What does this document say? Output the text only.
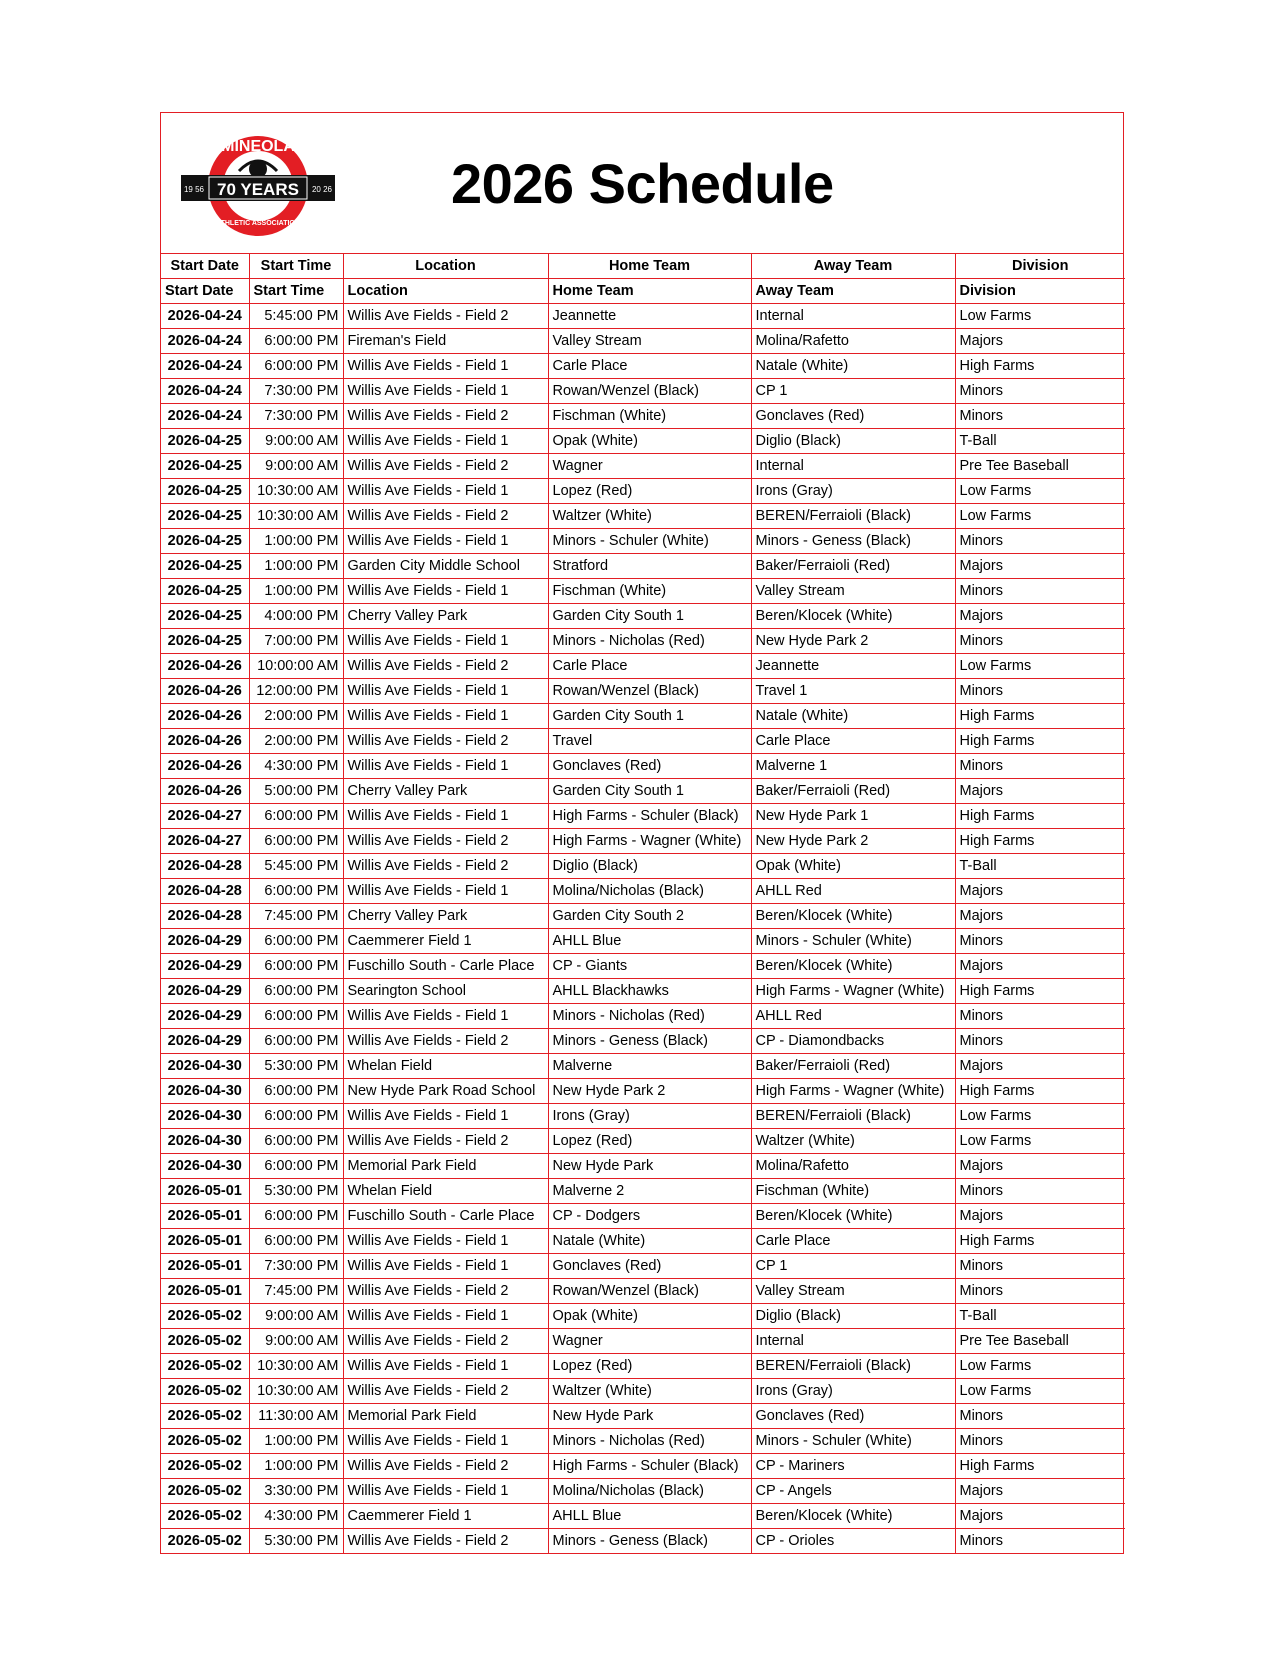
MINEOLA
70 YEARS
19 56	20 26
ATHLETIC ASSOCIATION
2026 Schedule
Start Date	Start Time	Location	Home Team	Away Team	Division
Start Date	Start Time	Location	Home Team	Away Team	Division
2026-04-24	5:45:00 PM	Willis Ave Fields - Field 2	Jeannette	Internal	Low Farms
2026-04-24	6:00:00 PM	Fireman's Field	Valley Stream	Molina/Rafetto	Majors
2026-04-24	6:00:00 PM	Willis Ave Fields - Field 1	Carle Place	Natale (White)	High Farms
2026-04-24	7:30:00 PM	Willis Ave Fields - Field 1	Rowan/Wenzel (Black)	CP 1	Minors
2026-04-24	7:30:00 PM	Willis Ave Fields - Field 2	Fischman (White)	Gonclaves (Red)	Minors
2026-04-25	9:00:00 AM	Willis Ave Fields - Field 1	Opak (White)	Diglio (Black)	T-Ball
2026-04-25	9:00:00 AM	Willis Ave Fields - Field 2	Wagner	Internal	Pre Tee Baseball
2026-04-25	10:30:00 AM	Willis Ave Fields - Field 1	Lopez (Red)	Irons (Gray)	Low Farms
2026-04-25	10:30:00 AM	Willis Ave Fields - Field 2	Waltzer (White)	BEREN/Ferraioli (Black)	Low Farms
2026-04-25	1:00:00 PM	Willis Ave Fields - Field 1	Minors - Schuler (White)	Minors - Geness (Black)	Minors
2026-04-25	1:00:00 PM	Garden City Middle School	Stratford	Baker/Ferraioli (Red)	Majors
2026-04-25	1:00:00 PM	Willis Ave Fields - Field 1	Fischman (White)	Valley Stream	Minors
2026-04-25	4:00:00 PM	Cherry Valley Park	Garden City South 1	Beren/Klocek (White)	Majors
2026-04-25	7:00:00 PM	Willis Ave Fields - Field 1	Minors - Nicholas (Red)	New Hyde Park 2	Minors
2026-04-26	10:00:00 AM	Willis Ave Fields - Field 2	Carle Place	Jeannette	Low Farms
2026-04-26	12:00:00 PM	Willis Ave Fields - Field 1	Rowan/Wenzel (Black)	Travel 1	Minors
2026-04-26	2:00:00 PM	Willis Ave Fields - Field 1	Garden City South 1	Natale (White)	High Farms
2026-04-26	2:00:00 PM	Willis Ave Fields - Field 2	Travel	Carle Place	High Farms
2026-04-26	4:30:00 PM	Willis Ave Fields - Field 1	Gonclaves (Red)	Malverne 1	Minors
2026-04-26	5:00:00 PM	Cherry Valley Park	Garden City South 1	Baker/Ferraioli (Red)	Majors
2026-04-27	6:00:00 PM	Willis Ave Fields - Field 1	High Farms - Schuler (Black)	New Hyde Park 1	High Farms
2026-04-27	6:00:00 PM	Willis Ave Fields - Field 2	High Farms - Wagner (White)	New Hyde Park 2	High Farms
2026-04-28	5:45:00 PM	Willis Ave Fields - Field 2	Diglio (Black)	Opak (White)	T-Ball
2026-04-28	6:00:00 PM	Willis Ave Fields - Field 1	Molina/Nicholas (Black)	AHLL Red	Majors
2026-04-28	7:45:00 PM	Cherry Valley Park	Garden City South 2	Beren/Klocek (White)	Majors
2026-04-29	6:00:00 PM	Caemmerer Field 1	AHLL Blue	Minors - Schuler (White)	Minors
2026-04-29	6:00:00 PM	Fuschillo South - Carle Place	CP - Giants	Beren/Klocek (White)	Majors
2026-04-29	6:00:00 PM	Searington School	AHLL Blackhawks	High Farms - Wagner (White)	High Farms
2026-04-29	6:00:00 PM	Willis Ave Fields - Field 1	Minors - Nicholas (Red)	AHLL Red	Minors
2026-04-29	6:00:00 PM	Willis Ave Fields - Field 2	Minors - Geness (Black)	CP - Diamondbacks	Minors
2026-04-30	5:30:00 PM	Whelan Field	Malverne	Baker/Ferraioli (Red)	Majors
2026-04-30	6:00:00 PM	New Hyde Park Road School	New Hyde Park 2	High Farms - Wagner (White)	High Farms
2026-04-30	6:00:00 PM	Willis Ave Fields - Field 1	Irons (Gray)	BEREN/Ferraioli (Black)	Low Farms
2026-04-30	6:00:00 PM	Willis Ave Fields - Field 2	Lopez (Red)	Waltzer (White)	Low Farms
2026-04-30	6:00:00 PM	Memorial Park Field	New Hyde Park	Molina/Rafetto	Majors
2026-05-01	5:30:00 PM	Whelan Field	Malverne 2	Fischman (White)	Minors
2026-05-01	6:00:00 PM	Fuschillo South - Carle Place	CP - Dodgers	Beren/Klocek (White)	Majors
2026-05-01	6:00:00 PM	Willis Ave Fields - Field 1	Natale (White)	Carle Place	High Farms
2026-05-01	7:30:00 PM	Willis Ave Fields - Field 1	Gonclaves (Red)	CP 1	Minors
2026-05-01	7:45:00 PM	Willis Ave Fields - Field 2	Rowan/Wenzel (Black)	Valley Stream	Minors
2026-05-02	9:00:00 AM	Willis Ave Fields - Field 1	Opak (White)	Diglio (Black)	T-Ball
2026-05-02	9:00:00 AM	Willis Ave Fields - Field 2	Wagner	Internal	Pre Tee Baseball
2026-05-02	10:30:00 AM	Willis Ave Fields - Field 1	Lopez (Red)	BEREN/Ferraioli (Black)	Low Farms
2026-05-02	10:30:00 AM	Willis Ave Fields - Field 2	Waltzer (White)	Irons (Gray)	Low Farms
2026-05-02	11:30:00 AM	Memorial Park Field	New Hyde Park	Gonclaves (Red)	Minors
2026-05-02	1:00:00 PM	Willis Ave Fields - Field 1	Minors - Nicholas (Red)	Minors - Schuler (White)	Minors
2026-05-02	1:00:00 PM	Willis Ave Fields - Field 2	High Farms - Schuler (Black)	CP - Mariners	High Farms
2026-05-02	3:30:00 PM	Willis Ave Fields - Field 1	Molina/Nicholas (Black)	CP - Angels	Majors
2026-05-02	4:30:00 PM	Caemmerer Field 1	AHLL Blue	Beren/Klocek (White)	Majors
2026-05-02	5:30:00 PM	Willis Ave Fields - Field 2	Minors - Geness (Black)	CP - Orioles	Minors
